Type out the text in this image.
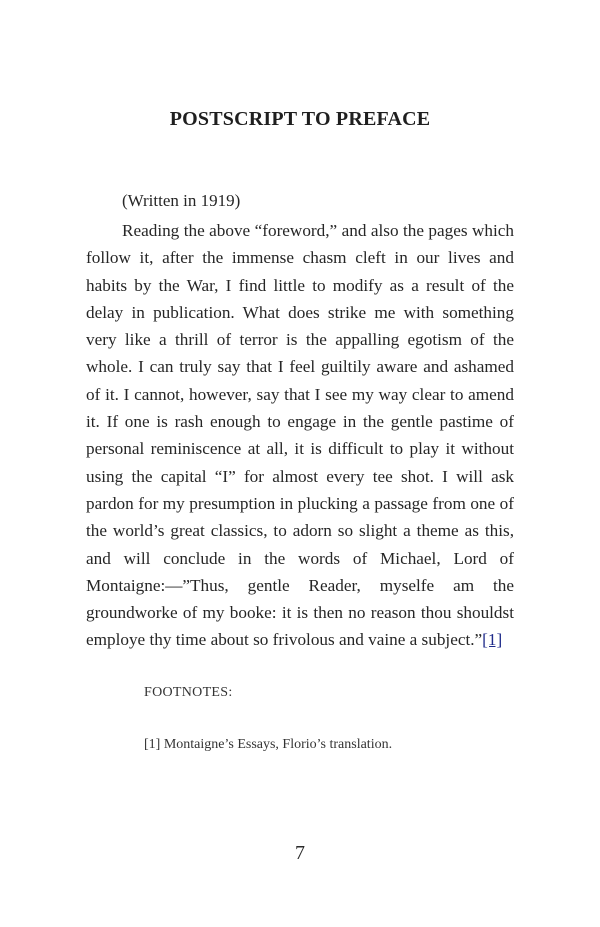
POSTSCRIPT TO PREFACE
(Written in 1919)

Reading the above “foreword,” and also the pages which follow it, after the immense chasm cleft in our lives and habits by the War, I find little to modify as a result of the delay in publication. What does strike me with something very like a thrill of terror is the appalling egotism of the whole. I can truly say that I feel guiltily aware and ashamed of it. I cannot, however, say that I see my way clear to amend it. If one is rash enough to engage in the gentle pastime of personal reminiscence at all, it is difficult to play it without using the capital “I” for almost every tee shot. I will ask pardon for my presumption in plucking a passage from one of the world’s great classics, to adorn so slight a theme as this, and will conclude in the words of Michael, Lord of Montaigne:—”Thus, gentle Reader, myselfe am the groundworke of my booke: it is then no reason thou shouldst employe thy time about so frivolous and vaine a subject.”[1]

FOOTNOTES:
[1] Montaigne’s Essays, Florio’s translation.
7
